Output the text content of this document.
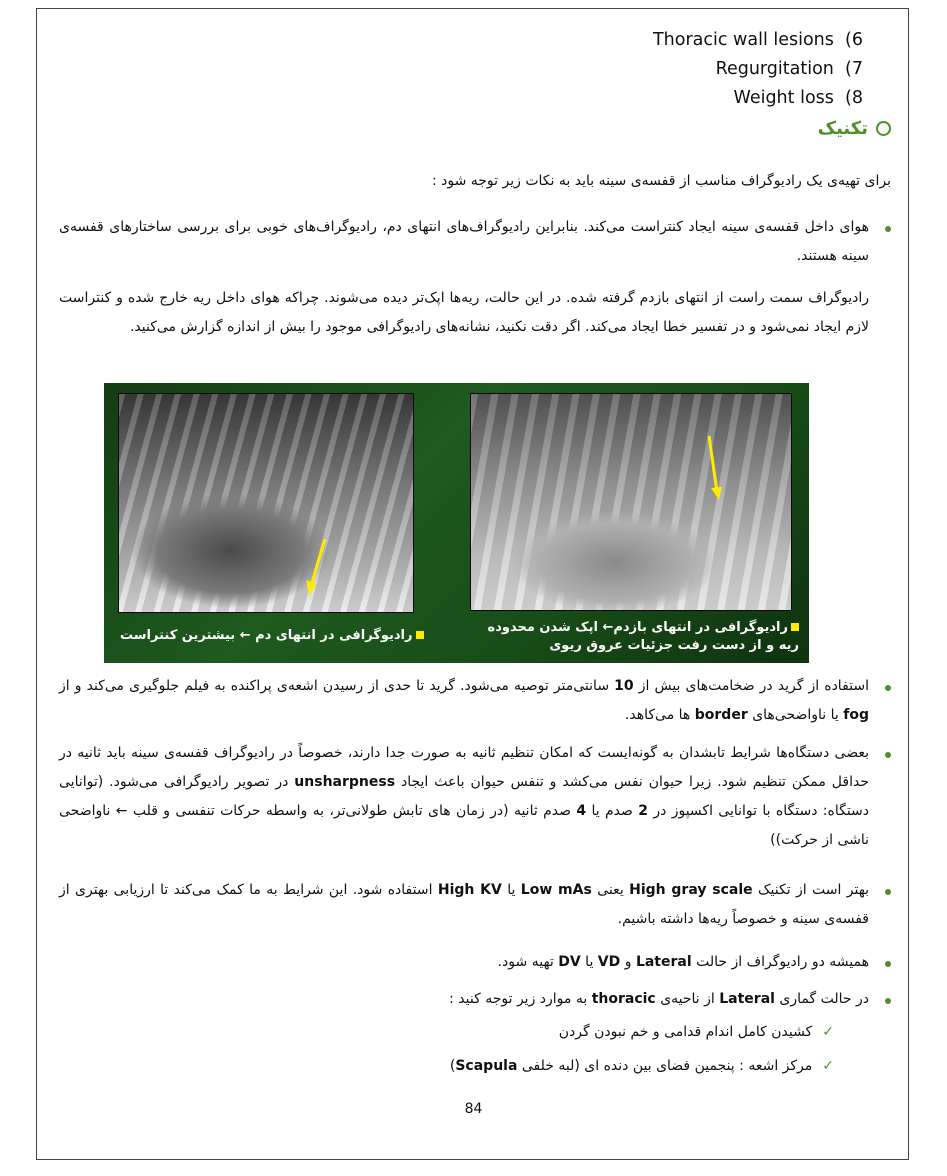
Thoracic wall lesions (6
Regurgitation (7
Weight loss (8
تکنیک
برای تهیه‌ی یک رادیوگراف مناسب از قفسه‌ی سینه باید به نکات زیر توجه شود :
هوای داخل قفسه‌ی سینه ایجاد کنتراست می‌کند. بنابراین رادیوگراف‌های انتهای دم، رادیوگراف‌های خوبی برای بررسی ساختارهای قفسه‌ی سینه هستند.
رادیوگراف سمت راست از انتهای بازدم گرفته شده. در این حالت، ریه‌ها اپک‌تر دیده می‌شوند. چراکه هوای داخل ریه خارج شده و کنتراست لازم ایجاد نمی‌شود و در تفسیر خطا ایجاد می‌کند. اگر دقت نکنید، نشانه‌های رادیوگرافی موجود را بیش از اندازه گزارش می‌کنید.
رادیوگرافی در انتهای دم ← بیشترین کنتراست
رادیوگرافی در انتهای بازدم← اپک شدن محدوده
ریه و از دست رفت جزئیات عروق ریوی
استفاده از گرید در ضخامت‌های بیش از 10 سانتی‌متر توصیه می‌شود. گرید تا حدی از رسیدن اشعه‌ی پراکنده به فیلم جلوگیری می‌کند و از fog یا ناواضحی‌های border ها می‌کاهد.
بعضی دستگاه‌ها شرایط تابشدان به گونه‌ایست که امکان تنظیم ثانیه به صورت جدا دارند، خصوصاً در رادیوگراف قفسه‌ی سینه باید ثانیه در حداقل ممکن تنظیم شود. زیرا حیوان نفس می‌کشد و تنفس حیوان باعث ایجاد unsharpness در تصویر رادیوگرافی می‌شود. (توانایی دستگاه: دستگاه با توانایی اکسپوز در 2 صدم یا 4 صدم ثانیه (در زمان های تابش طولانی‌تر، به واسطه حرکات تنفسی و قلب ← ناواضحی ناشی از حرکت))
بهتر است از تکنیک High gray scale یعنی Low mAs یا High KV استفاده شود. این شرایط به ما کمک می‌کند تا ارزیابی بهتری از قفسه‌ی سینه و خصوصاً ریه‌ها داشته باشیم.
همیشه دو رادیوگراف از حالت Lateral و VD یا DV تهیه شود.
در حالت گماری Lateral از ناحیه‌ی thoracic به موارد زیر توجه کنید :
✓کشیدن کامل اندام قدامی و خم نبودن گردن
✓مرکز اشعه : پنجمین فضای بین دنده ای (لبه خلفی Scapula)
84
